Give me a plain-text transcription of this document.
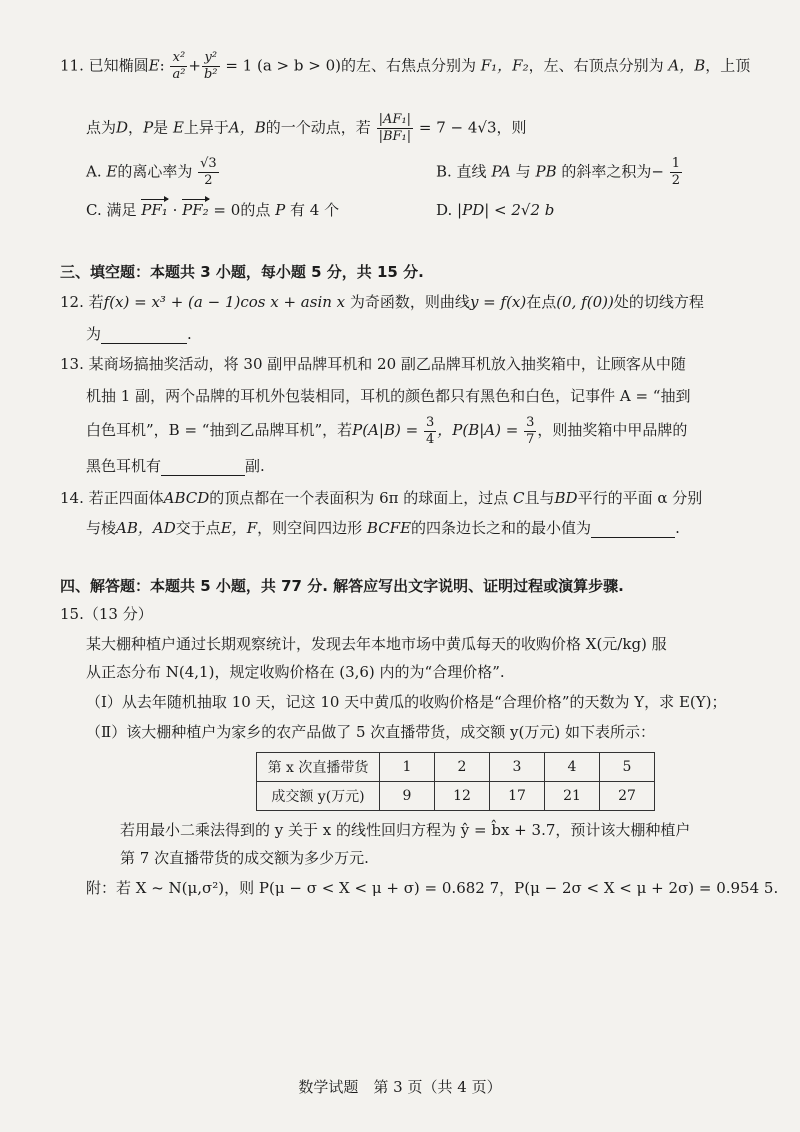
11. 已知椭圆E: $\frac{\text{x²}}{\text{a²}} + \frac{\text{y²}}{\text{b²}} = 1$ (a > b > 0)的左、右焦点分别为 F₁，F₂，左、右顶点分别为 A，B，上顶
点为D，P是 E上异于A，B的一个动点，若 $\frac{\text{|AF₁|}}{\text{|BF₁|}} = 7 - 4√3$，则
A. E的离心率为 $\frac{√3}{2}$	B. 直线 PA 与 PB 的斜率之积为− $\frac{1}{2}$
C. 满足 PF₁ · PF₂ = 0的点 P 有 4 个	D. |PD| < 2√2 b
三、填空题：本题共 3 小题，每小题 5 分，共 15 分.
12. 若f(x) = x³ + (a − 1)cos x + asin x 为奇函数，则曲线y = f(x)在点(0, f(0))处的切线方程
为	.
13. 某商场搞抽奖活动，将 30 副甲品牌耳机和 20 副乙品牌耳机放入抽奖箱中，让顾客从中随
机抽 1 副，两个品牌的耳机外包装相同，耳机的颜色都只有黑色和白色，记事件 A = “抽到
白色耳机”，B = “抽到乙品牌耳机”，若$P(A|B) = \frac{3}{4}$ ，$P(B|A) = \frac{3}{7}$ ，则抽奖箱中甲品牌的
黑色耳机有	副.
14. 若正四面体ABCD的顶点都在一个表面积为 6π 的球面上，过点 C且与BD平行的平面 α 分别
与棱AB，AD交于点E，F，则空间四边形 BCFE的四条边长之和的最小值为	.
四、解答题：本题共 5 小题，共 77 分. 解答应写出文字说明、证明过程或演算步骤.
15.（13 分）
某大棚种植户通过长期观察统计，发现去年本地市场中黄瓜每天的收购价格 X(元/kg) 服
从正态分布 N(4,1)，规定收购价格在 (3,6) 内的为“合理价格”.
（Ⅰ）从去年随机抽取 10 天，记这 10 天中黄瓜的收购价格是“合理价格”的天数为 Y，求 E(Y)；
（Ⅱ）该大棚种植户为家乡的农产品做了 5 次直播带货，成交额 y(万元) 如下表所示：
第 x 次直播带货	1	2	3	4	5
成交额 y(万元)	9	12	17	21	27
若用最小二乘法得到的 y 关于 x 的线性回归方程为 ŷ = b̂x + 3.7，预计该大棚种植户
第 7 次直播带货的成交额为多少万元.
附：若 X ~ N(μ,σ²)，则 P(μ − σ < X < μ + σ) = 0.682 7，P(μ − 2σ < X < μ + 2σ) = 0.954 5.
数学试题　第 3 页（共 4 页）
